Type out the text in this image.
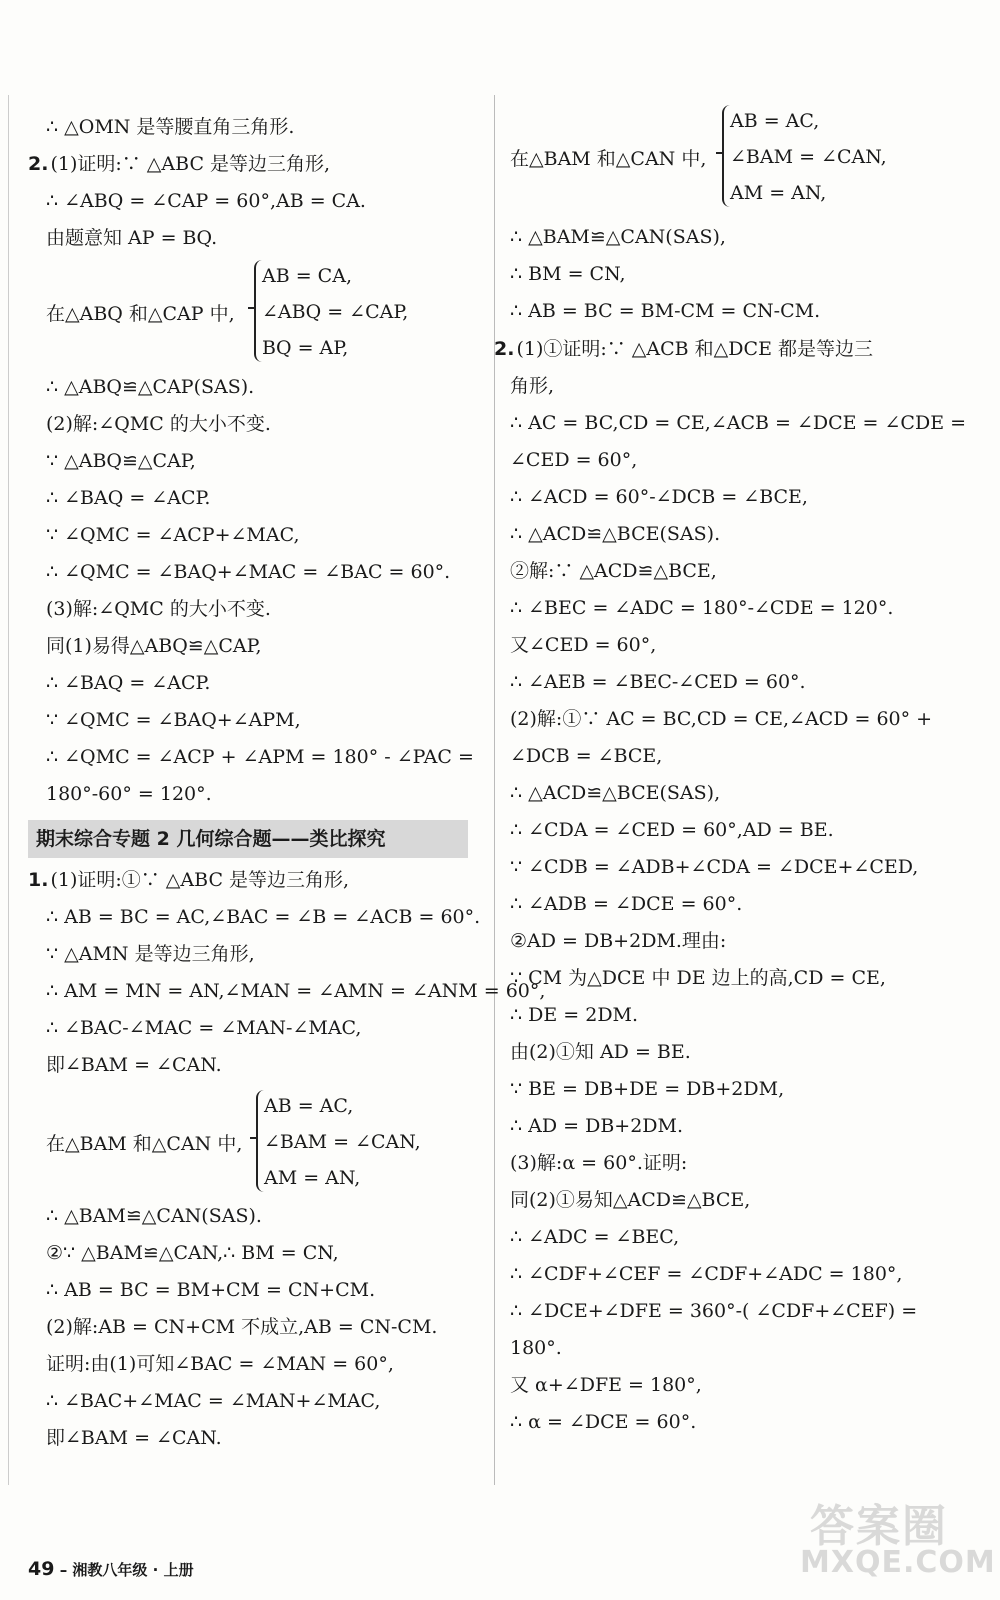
∴ △OMN 是等腰直角三角形.
2. (1)证明:∵ △ABC 是等边三角形,
∴ ∠ABQ = ∠CAP = 60°,AB = CA.
由题意知 AP = BQ.
在△ABQ 和△CAP 中,
AB = CA,
∠ABQ = ∠CAP,
BQ = AP,
∴ △ABQ≌△CAP(SAS).
(2)解:∠QMC 的大小不变.
∵ △ABQ≌△CAP,
∴ ∠BAQ = ∠ACP.
∵ ∠QMC = ∠ACP+∠MAC,
∴ ∠QMC = ∠BAQ+∠MAC = ∠BAC = 60°.
(3)解:∠QMC 的大小不变.
同(1)易得△ABQ≌△CAP,
∴ ∠BAQ = ∠ACP.
∵ ∠QMC = ∠BAQ+∠APM,
∴ ∠QMC = ∠ACP + ∠APM = 180° - ∠PAC =
180°-60° = 120°.
期末综合专题 2 几何综合题——类比探究
1. (1)证明:①∵ △ABC 是等边三角形,
∴ AB = BC = AC,∠BAC = ∠B = ∠ACB = 60°.
∵ △AMN 是等边三角形,
∴ AM = MN = AN,∠MAN = ∠AMN = ∠ANM = 60°,
∴ ∠BAC-∠MAC = ∠MAN-∠MAC,
即∠BAM = ∠CAN.
在△BAM 和△CAN 中,
AB = AC,
∠BAM = ∠CAN,
AM = AN,
∴ △BAM≌△CAN(SAS).
②∵ △BAM≌△CAN,∴ BM = CN,
∴ AB = BC = BM+CM = CN+CM.
(2)解:AB = CN+CM 不成立,AB = CN-CM.
证明:由(1)可知∠BAC = ∠MAN = 60°,
∴ ∠BAC+∠MAC = ∠MAN+∠MAC,
即∠BAM = ∠CAN.
49 – 湘教八年级 · 上册
在△BAM 和△CAN 中,
AB = AC,
∠BAM = ∠CAN,
AM = AN,
∴ △BAM≌△CAN(SAS),
∴ BM = CN,
∴ AB = BC = BM-CM = CN-CM.
2. (1)①证明:∵ △ACB 和△DCE 都是等边三
角形,
∴ AC = BC,CD = CE,∠ACB = ∠DCE = ∠CDE =
∠CED = 60°,
∴ ∠ACD = 60°-∠DCB = ∠BCE,
∴ △ACD≌△BCE(SAS).
②解:∵ △ACD≌△BCE,
∴ ∠BEC = ∠ADC = 180°-∠CDE = 120°.
又∠CED = 60°,
∴ ∠AEB = ∠BEC-∠CED = 60°.
(2)解:①∵ AC = BC,CD = CE,∠ACD = 60° +
∠DCB = ∠BCE,
∴ △ACD≌△BCE(SAS),
∴ ∠CDA = ∠CED = 60°,AD = BE.
∵ ∠CDB = ∠ADB+∠CDA = ∠DCE+∠CED,
∴ ∠ADB = ∠DCE = 60°.
②AD = DB+2DM.理由:
∵ CM 为△DCE 中 DE 边上的高,CD = CE,
∴ DE = 2DM.
由(2)①知 AD = BE.
∵ BE = DB+DE = DB+2DM,
∴ AD = DB+2DM.
(3)解:α = 60°.证明:
同(2)①易知△ACD≌△BCE,
∴ ∠ADC = ∠BEC,
∴ ∠CDF+∠CEF = ∠CDF+∠ADC = 180°,
∴ ∠DCE+∠DFE = 360°-( ∠CDF+∠CEF) =
180°.
又 α+∠DFE = 180°,
∴ α = ∠DCE = 60°.
答案圈
MXQE.COM
